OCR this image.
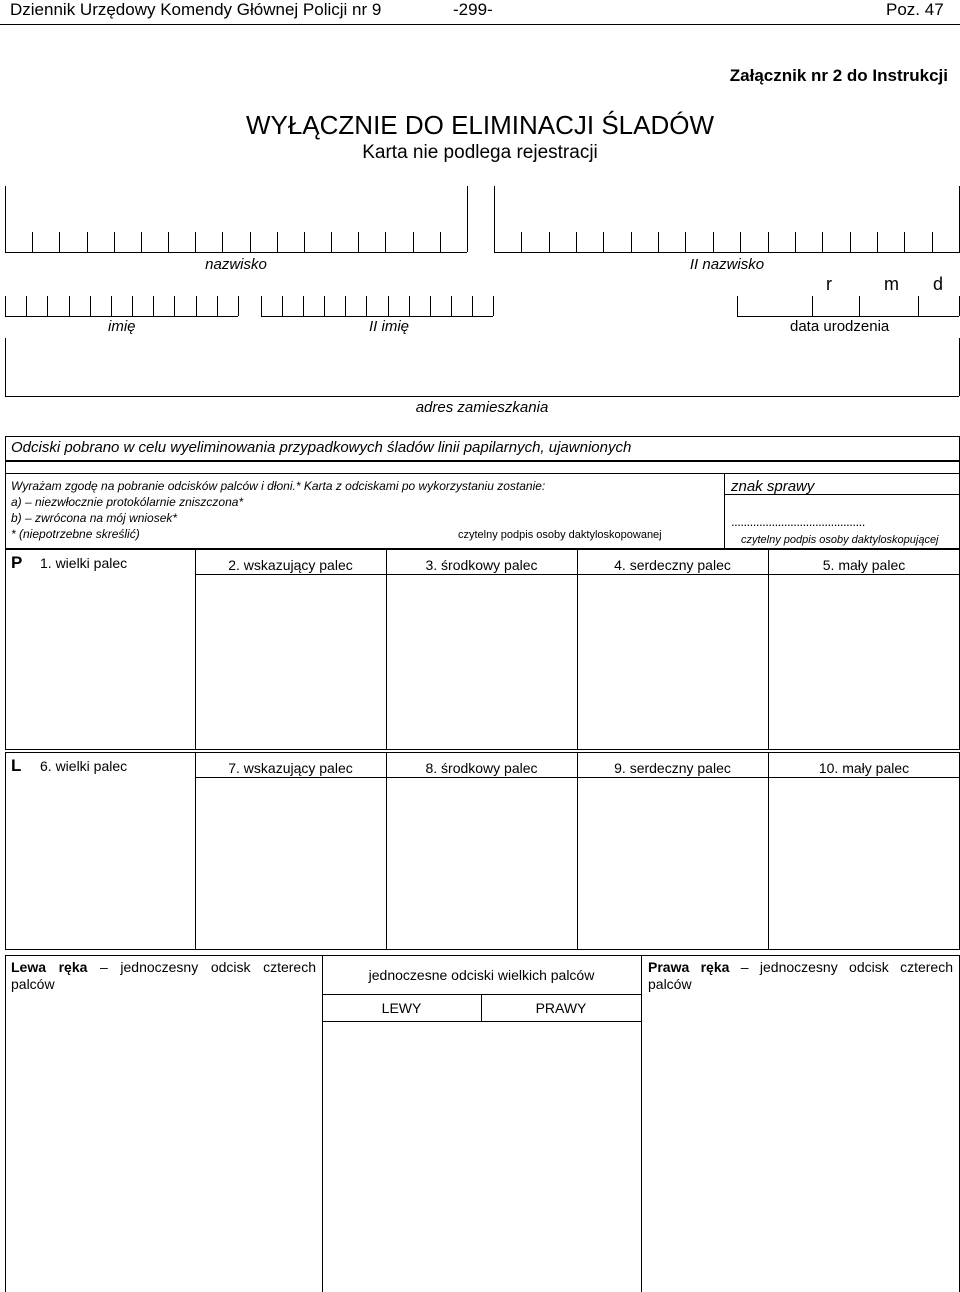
Dziennik Urzędowy Komendy Głównej Policji nr 9	-299-	Poz. 47
Załącznik nr 2 do Instrukcji
WYŁĄCZNIE DO ELIMINACJI ŚLADÓW
Karta nie podlega rejestracji
nazwisko	II nazwisko
r	m d
imię	II imię	data urodzenia
adres zamieszkania
Odciski pobrano w celu wyeliminowania przypadkowych śladów linii papilarnych, ujawnionych
Wyrażam zgodę na pobranie odcisków palców i dłoni.* Karta z odciskami po wykorzystaniu zostanie:
a) – niezwłocznie protokólarnie zniszczona*
b) – zwrócona na mój wniosek*
* (niepotrzebne skreślić)	czytelny podpis osoby daktyloskopowanej
znak sprawy
...........................................
czytelny podpis osoby daktyloskopującej
P 1. wielki palec	2. wskazujący palec	3. środkowy palec	4. serdeczny palec	5. mały palec
L 6. wielki palec	7. wskazujący palec	8. środkowy palec	9. serdeczny palec	10. mały palec
Lewa ręka – jednoczesny odcisk czterech palców
jednoczesne odciski wielkich palców
LEWY	PRAWY
Prawa ręka – jednoczesny odcisk czterech palców
